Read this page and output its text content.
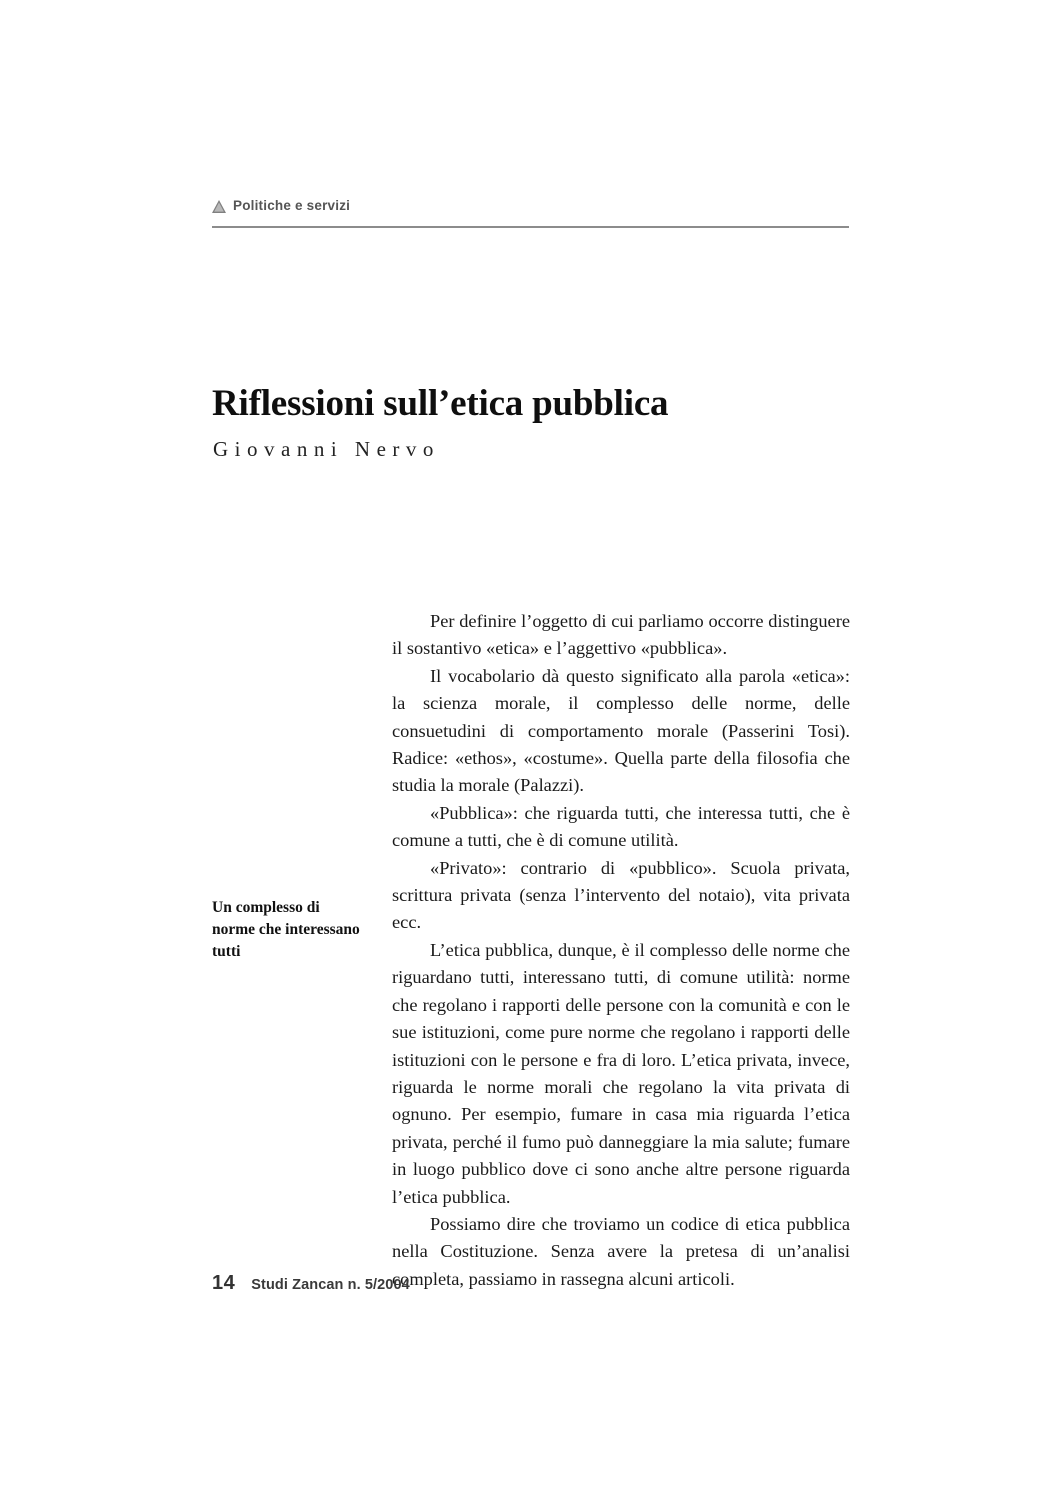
Politiche e servizi
Riflessioni sull’etica pubblica
Giovanni Nervo
Un complesso di norme che interessano tutti

Per definire l’oggetto di cui parliamo occorre distinguere il sostantivo «etica» e l’aggettivo «pubblica».

Il vocabolario dà questo significato alla parola «etica»: la scienza morale, il complesso delle norme, delle consuetudini di comportamento morale (Passerini Tosi). Radice: «ethos», «costume». Quella parte della filosofia che studia la morale (Palazzi).

«Pubblica»: che riguarda tutti, che interessa tutti, che è comune a tutti, che è di comune utilità.

«Privato»: contrario di «pubblico». Scuola privata, scrittura privata (senza l’intervento del notaio), vita privata ecc.

L’etica pubblica, dunque, è il complesso delle norme che riguardano tutti, interessano tutti, di comune utilità: norme che regolano i rapporti delle persone con la comunità e con le sue istituzioni, come pure norme che regolano i rapporti delle istituzioni con le persone e fra di loro. L’etica privata, invece, riguarda le norme morali che regolano la vita privata di ognuno. Per esempio, fumare in casa mia riguarda l’etica privata, perché il fumo può danneggiare la mia salute; fumare in luogo pubblico dove ci sono anche altre persone riguarda l’etica pubblica.

Possiamo dire che troviamo un codice di etica pubblica nella Costituzione. Senza avere la pretesa di un’analisi completa, passiamo in rassegna alcuni articoli.

14 Studi Zancan n. 5/2004
